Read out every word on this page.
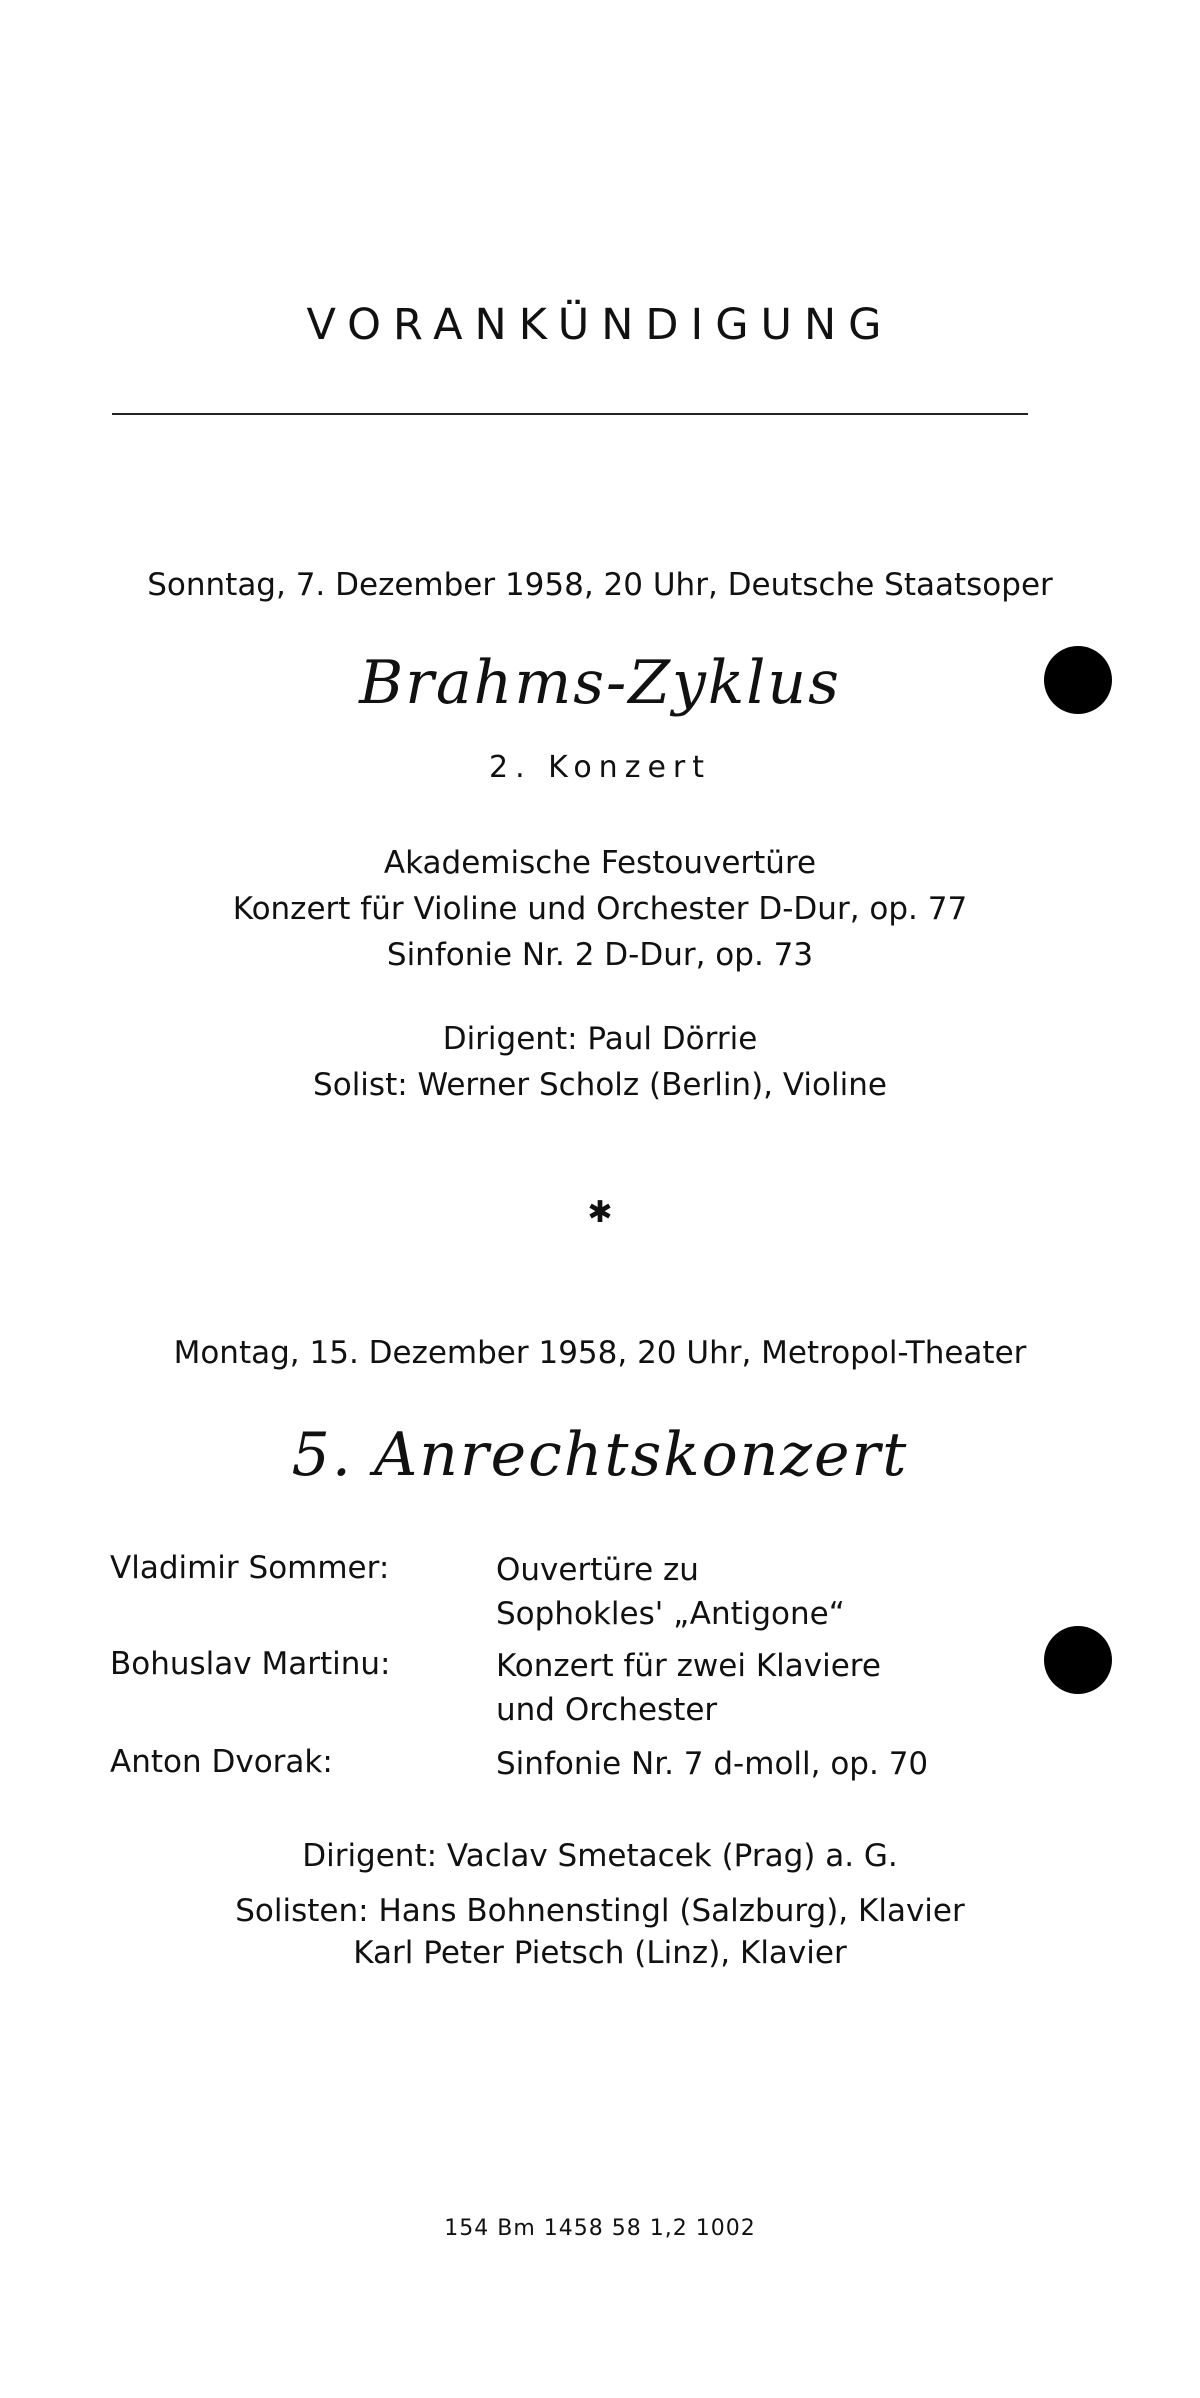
VORANKÜNDIGUNG
Sonntag, 7. Dezember 1958, 20 Uhr, Deutsche Staatsoper
Brahms-Zyklus
2. Konzert
Akademische Festouvertüre
Konzert für Violine und Orchester D-Dur, op. 77
Sinfonie Nr. 2 D-Dur, op. 73
Dirigent: Paul Dörrie
Solist: Werner Scholz (Berlin), Violine
✱
Montag, 15. Dezember 1958, 20 Uhr, Metropol-Theater
5. Anrechtskonzert
Vladimir Sommer:	Ouvertüre zu
Sophokles' „Antigone“
Bohuslav Martinu:	Konzert für zwei Klaviere
und Orchester
Anton Dvorak:	Sinfonie Nr. 7 d-moll, op. 70
Dirigent: Vaclav Smetacek (Prag) a. G.
Solisten: Hans Bohnenstingl (Salzburg), Klavier
Karl Peter Pietsch (Linz), Klavier
154 Bm 1458 58 1,2 1002
